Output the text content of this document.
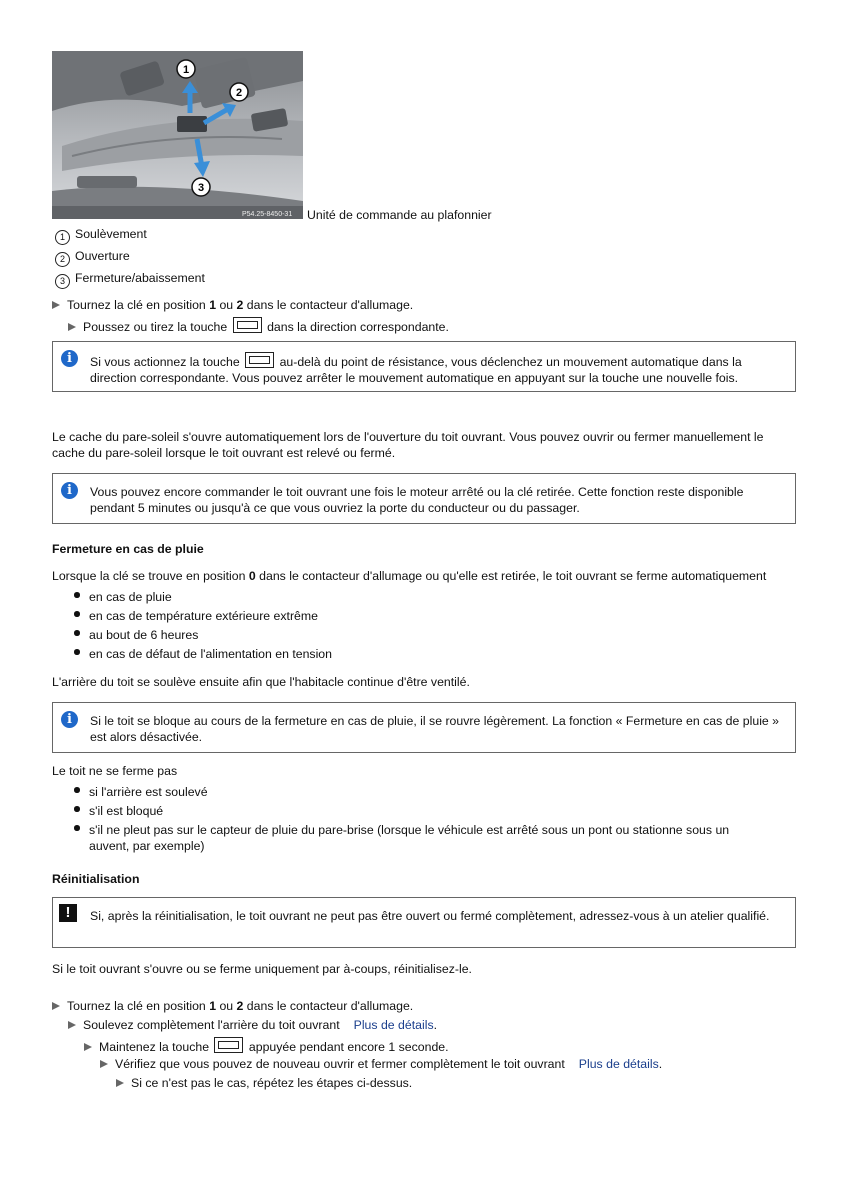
P54.25-8450-31
1
2
3
Unité de commande au plafonnier
1 Soulèvement
2 Ouverture
3 Fermeture/abaissement
Tournez la clé en position 1 ou 2 dans le contacteur d'allumage.
Poussez ou tirez la touche	dans la direction correspondante.
i	Si vous actionnez la touche	au-delà du point de résistance, vous déclenchez un mouvement automatique dans la
direction correspondante. Vous pouvez arrêter le mouvement automatique en appuyant sur la touche une nouvelle fois.
Le cache du pare-soleil s'ouvre automatiquement lors de l'ouverture du toit ouvrant. Vous pouvez ouvrir ou fermer manuellement le cache du pare-soleil lorsque le toit ouvrant est relevé ou fermé.
i	Vous pouvez encore commander le toit ouvrant une fois le moteur arrêté ou la clé retirée. Cette fonction reste disponible pendant 5 minutes ou jusqu'à ce que vous ouvriez la porte du conducteur ou du passager.
Fermeture en cas de pluie
Lorsque la clé se trouve en position 0 dans le contacteur d'allumage ou qu'elle est retirée, le toit ouvrant se ferme automatiquement
en cas de pluie
en cas de température extérieure extrême
au bout de 6 heures
en cas de défaut de l'alimentation en tension
L'arrière du toit se soulève ensuite afin que l'habitacle continue d'être ventilé.
i	Si le toit se bloque au cours de la fermeture en cas de pluie, il se rouvre légèrement. La fonction « Fermeture en cas de pluie » est alors désactivée.
Le toit ne se ferme pas
si l'arrière est soulevé
s'il est bloqué
s'il ne pleut pas sur le capteur de pluie du pare-brise (lorsque le véhicule est arrêté sous un pont ou stationne sous un auvent, par exemple)
Réinitialisation
!	Si, après la réinitialisation, le toit ouvrant ne peut pas être ouvert ou fermé complètement, adressez-vous à un atelier qualifié.
Si le toit ouvrant s'ouvre ou se ferme uniquement par à-coups, réinitialisez-le.
Tournez la clé en position 1 ou 2 dans le contacteur d'allumage.
Soulevez complètement l'arrière du toit ouvrant Plus de détails.
Maintenez la touche	appuyée pendant encore 1 seconde.
Vérifiez que vous pouvez de nouveau ouvrir et fermer complètement le toit ouvrant Plus de détails.
Si ce n'est pas le cas, répétez les étapes ci-dessus.
